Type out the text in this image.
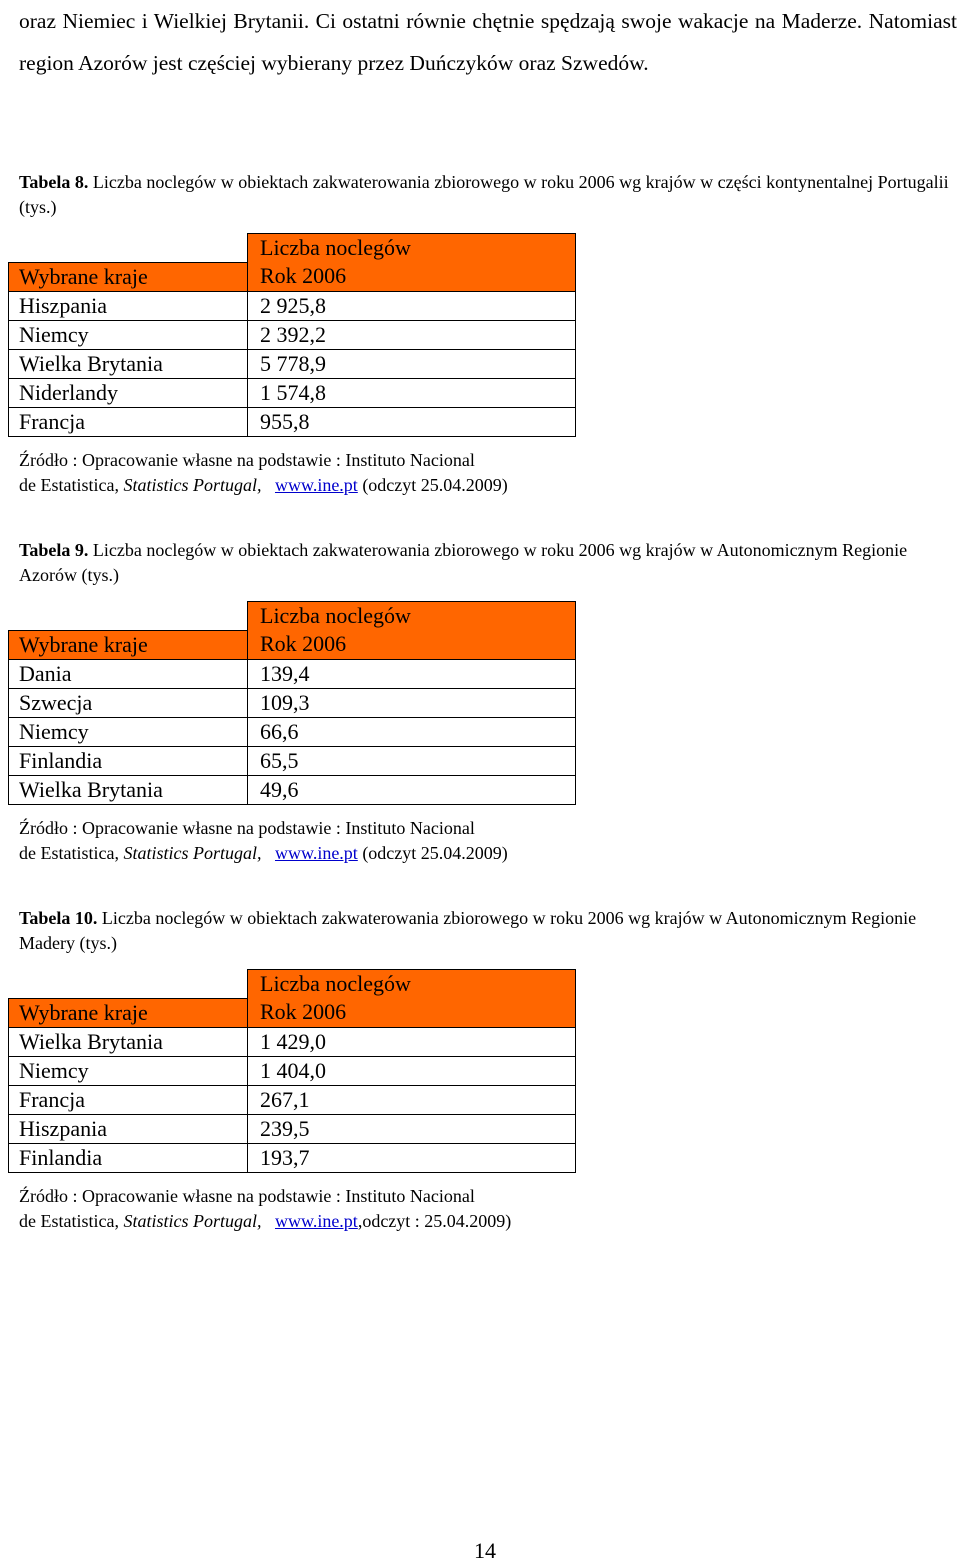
oraz Niemiec i Wielkiej Brytanii. Ci ostatni równie chętnie spędzają swoje wakacje na Maderze. Natomiast region Azorów jest częściej wybierany przez Duńczyków oraz Szwedów.
Tabela 8. Liczba noclegów w obiektach zakwaterowania zbiorowego w roku 2006 wg krajów w części kontynentalnej Portugalii (tys.)
	Liczba noclegów
Wybrane kraje	Rok 2006
Hiszpania	2 925,8
Niemcy	2 392,2
Wielka Brytania	5 778,9
Niderlandy	1 574,8
Francja	955,8
Źródło : Opracowanie własne na podstawie : Instituto Nacional
de Estatistica, Statistics Portugal, www.ine.pt (odczyt 25.04.2009)
Tabela 9. Liczba noclegów w obiektach zakwaterowania zbiorowego w roku 2006 wg krajów w Autonomicznym Regionie Azorów (tys.)
	Liczba noclegów
Wybrane kraje	Rok 2006
Dania	139,4
Szwecja	109,3
Niemcy	66,6
Finlandia	65,5
Wielka Brytania	49,6
Źródło : Opracowanie własne na podstawie : Instituto Nacional
de Estatistica, Statistics Portugal, www.ine.pt (odczyt 25.04.2009)
Tabela 10. Liczba noclegów w obiektach zakwaterowania zbiorowego w roku 2006 wg krajów w Autonomicznym Regionie Madery (tys.)
	Liczba noclegów
Wybrane kraje	Rok 2006
Wielka Brytania	1 429,0
Niemcy	1 404,0
Francja	267,1
Hiszpania	239,5
Finlandia	193,7
Źródło : Opracowanie własne na podstawie : Instituto Nacional
de Estatistica, Statistics Portugal, www.ine.pt,odczyt : 25.04.2009)
14
